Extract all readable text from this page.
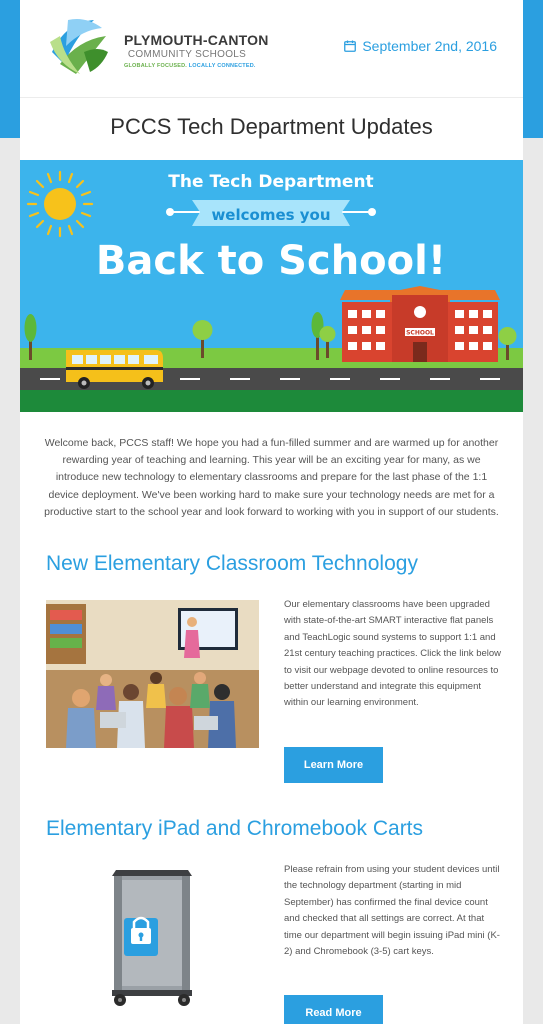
PLYMOUTH-CANTON
COMMUNITY SCHOOLS
GLOBALLY FOCUSED. LOCALLY CONNECTED.
September 2nd, 2016
PCCS Tech Department Updates
The Tech Department
welcomes you
Back to School!
SCHOOL

Welcome back, PCCS staff! We hope you had a fun-filled summer and are warmed up for another rewarding year of teaching and learning. This year will be an exciting year for many, as we introduce new technology to elementary classrooms and prepare for the last phase of the 1:1 device deployment. We've been working hard to make sure your technology needs are met for a productive start to the school year and look forward to working with you in support of our students.

New Elementary Classroom Technology

Our elementary classrooms have been upgraded with state-of-the-art SMART interactive flat panels and TeachLogic sound systems to support 1:1 and 21st century teaching practices. Click the link below to visit our webpage devoted to online resources to better understand and integrate this equipment within our learning environment.

Learn More
Elementary iPad and Chromebook Carts

Please refrain from using your student devices until the technology department (starting in mid September) has confirmed the final device count and checked that all settings are correct. At that time our department will begin issuing iPad mini (K-2) and Chromebook (3-5) cart keys.

Read More
